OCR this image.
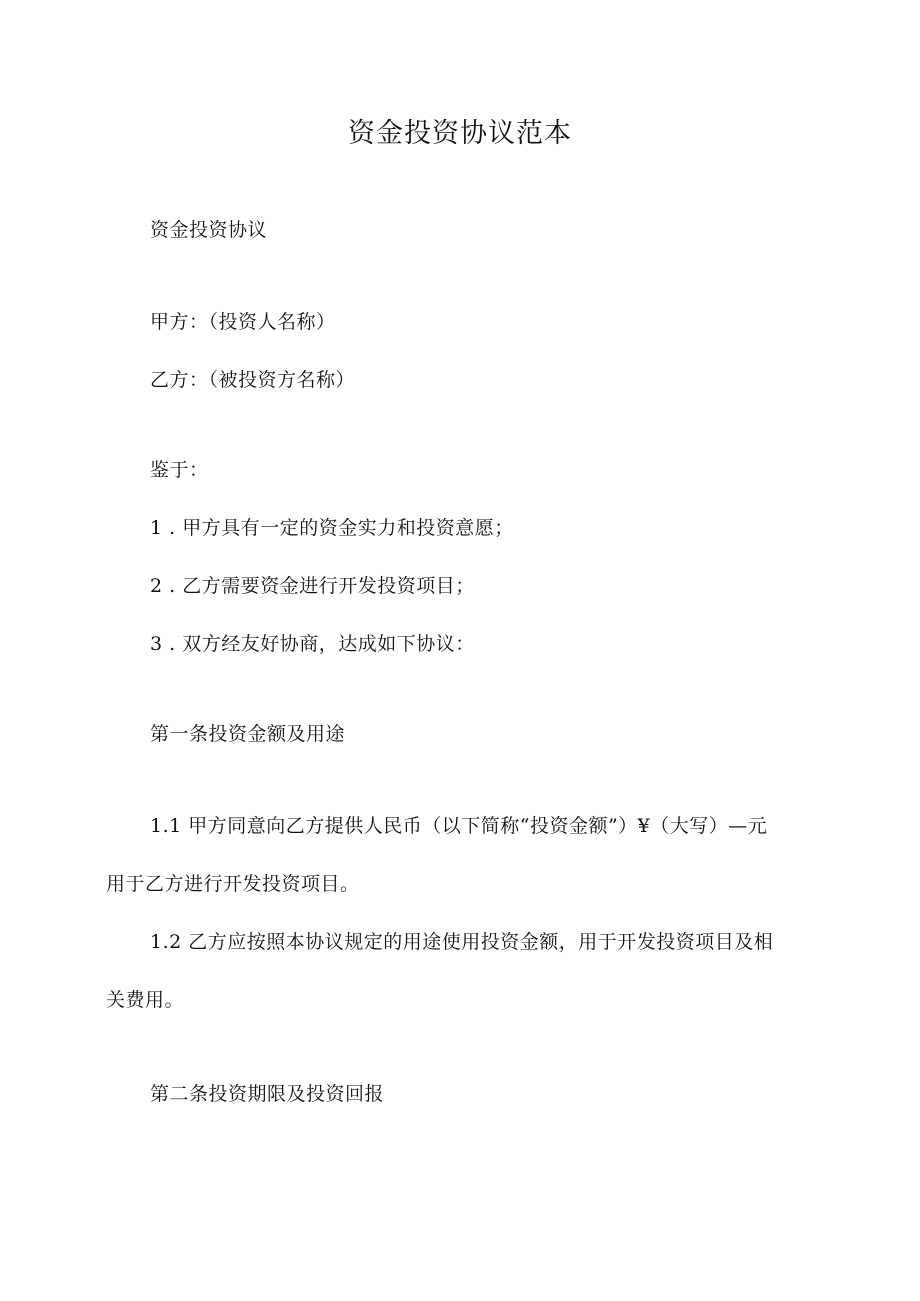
资金投资协议范本
资金投资协议
甲方：（投资人名称）
乙方：（被投资方名称）
鉴于：
1 . 甲方具有一定的资金实力和投资意愿；
2 . 乙方需要资金进行开发投资项目；
3 . 双方经友好协商，达成如下协议：
第一条投资金额及用途
1.1 甲方同意向乙方提供人民币（以下简称“投资金额”）¥（大写）—元
用于乙方进行开发投资项目。
1.2 乙方应按照本协议规定的用途使用投资金额，用于开发投资项目及相
关费用。
第二条投资期限及投资回报
